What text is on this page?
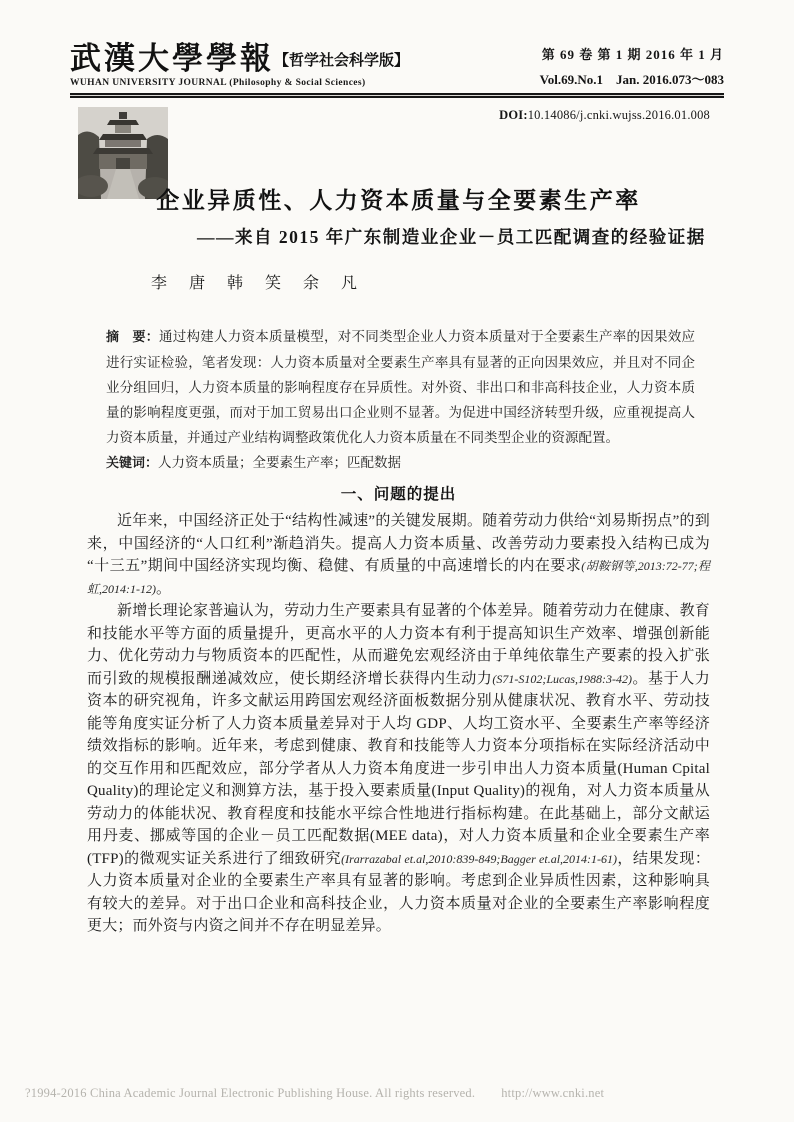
武漢大學學報【哲学社会科学版】
WUHAN UNIVERSITY JOURNAL (Philosophy & Social Sciences)
第 69 卷 第 1 期 2016 年 1 月
Vol.69.No.1　Jan. 2016.073～083
DOI:10.14086/j.cnki.wujss.2016.01.008
企业异质性、人力资本质量与全要素生产率
——来自 2015 年广东制造业企业－员工匹配调查的经验证据
李　唐　韩　笑　余　凡
摘　要：通过构建人力资本质量模型，对不同类型企业人力资本质量对于全要素生产率的因果效应进行实证检验，笔者发现：人力资本质量对全要素生产率具有显著的正向因果效应，并且对不同企业分组回归，人力资本质量的影响程度存在异质性。对外资、非出口和非高科技企业，人力资本质量的影响程度更强，而对于加工贸易出口企业则不显著。为促进中国经济转型升级，应重视提高人力资本质量，并通过产业结构调整政策优化人力资本质量在不同类型企业的资源配置。
关键词：人力资本质量；全要素生产率；匹配数据
一、问题的提出

近年来，中国经济正处于“结构性减速”的关键发展期。随着劳动力供给“刘易斯拐点”的到来，中国经济的“人口红利”渐趋消失。提高人力资本质量、改善劳动力要素投入结构已成为“十三五”期间中国经济实现均衡、稳健、有质量的中高速增长的内在要求(胡鞍钢等,2013:72-77;程虹,2014:1-12)。

新增长理论家普遍认为，劳动力生产要素具有显著的个体差异。随着劳动力在健康、教育和技能水平等方面的质量提升，更高水平的人力资本有利于提高知识生产效率、增强创新能力、优化劳动力与物质资本的匹配性，从而避免宏观经济由于单纯依靠生产要素的投入扩张而引致的规模报酬递减效应，使长期经济增长获得内生动力(S71-S102;Lucas,1988:3-42)。基于人力资本的研究视角，许多文献运用跨国宏观经济面板数据分别从健康状况、教育水平、劳动技能等角度实证分析了人力资本质量差异对于人均 GDP、人均工资水平、全要素生产率等经济绩效指标的影响。近年来，考虑到健康、教育和技能等人力资本分项指标在实际经济活动中的交互作用和匹配效应，部分学者从人力资本角度进一步引申出人力资本质量(Human Cpital Quality)的理论定义和测算方法，基于投入要素质量(Input Quality)的视角，对人力资本质量从劳动力的体能状况、教育程度和技能水平综合性地进行指标构建。在此基础上，部分文献运用丹麦、挪威等国的企业－员工匹配数据(MEE data)，对人力资本质量和企业全要素生产率(TFP)的微观实证关系进行了细致研究(Irarrazabal et.al,2010:839-849;Bagger et.al,2014:1-61)，结果发现：人力资本质量对企业的全要素生产率具有显著的影响。考虑到企业异质性因素，这种影响具有较大的差异。对于出口企业和高科技企业，人力资本质量对企业的全要素生产率影响程度更大；而外资与内资之间并不存在明显差异。

?1994-2016 China Academic Journal Electronic Publishing House. All rights reserved. http://www.cnki.net
